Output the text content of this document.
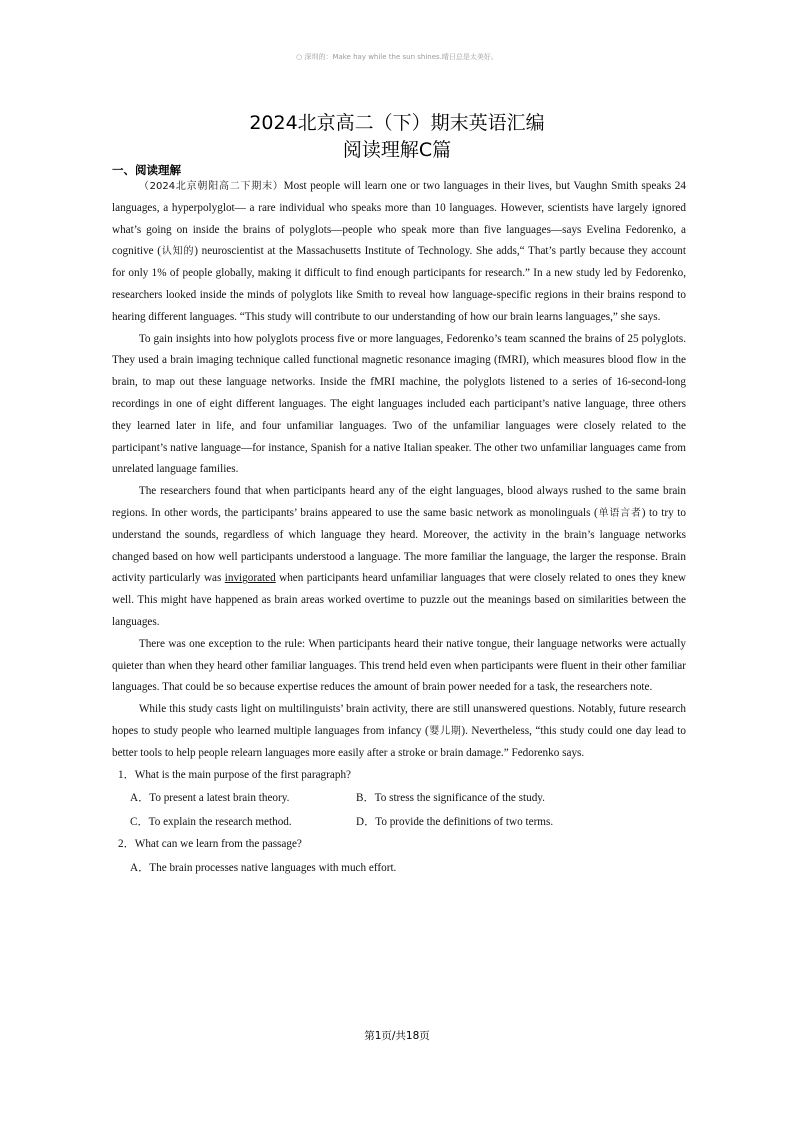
○ 深圳的：Make hay while the sun shines.晴日总是太美好。
2024北京高二（下）期末英语汇编
阅读理解C篇
一、阅读理解

（2024北京朝阳高二下期末）Most people will learn one or two languages in their lives, but Vaughn Smith speaks 24 languages, a hyperpolyglot— a rare individual who speaks more than 10 languages. However, scientists have largely ignored what’s going on inside the brains of polyglots—people who speak more than five languages—says Evelina Fedorenko, a cognitive (认知的) neuroscientist at the Massachusetts Institute of Technology. She adds,“ That’s partly because they account for only 1% of people globally, making it difficult to find enough participants for research.” In a new study led by Fedorenko, researchers looked inside the minds of polyglots like Smith to reveal how language-specific regions in their brains respond to hearing different languages. “This study will contribute to our understanding of how our brain learns languages,” she says.

To gain insights into how polyglots process five or more languages, Fedorenko’s team scanned the brains of 25 polyglots. They used a brain imaging technique called functional magnetic resonance imaging (fMRI), which measures blood flow in the brain, to map out these language networks. Inside the fMRI machine, the polyglots listened to a series of 16-second-long recordings in one of eight different languages. The eight languages included each participant’s native language, three others they learned later in life, and four unfamiliar languages. Two of the unfamiliar languages were closely related to the participant’s native language—for instance, Spanish for a native Italian speaker. The other two unfamiliar languages came from unrelated language families.

The researchers found that when participants heard any of the eight languages, blood always rushed to the same brain regions. In other words, the participants’ brains appeared to use the same basic network as monolinguals (单语言者) to try to understand the sounds, regardless of which language they heard. Moreover, the activity in the brain’s language networks changed based on how well participants understood a language. The more familiar the language, the larger the response. Brain activity particularly was invigorated when participants heard unfamiliar languages that were closely related to ones they knew well. This might have happened as brain areas worked overtime to puzzle out the meanings based on similarities between the languages.

There was one exception to the rule: When participants heard their native tongue, their language networks were actually quieter than when they heard other familiar languages. This trend held even when participants were fluent in their other familiar languages. That could be so because expertise reduces the amount of brain power needed for a task, the researchers note.

While this study casts light on multilinguists’ brain activity, there are still unanswered questions. Notably, future research hopes to study people who learned multiple languages from infancy (婴儿期). Nevertheless, “this study could one day lead to better tools to help people relearn languages more easily after a stroke or brain damage.” Fedorenko says.

1．What is the main purpose of the first paragraph?
A．To present a latest brain theory.	B．To stress the significance of the study.
C．To explain the research method.	D．To provide the definitions of two terms.
2．What can we learn from the passage?
A．The brain processes native languages with much effort.
第1页/共18页
